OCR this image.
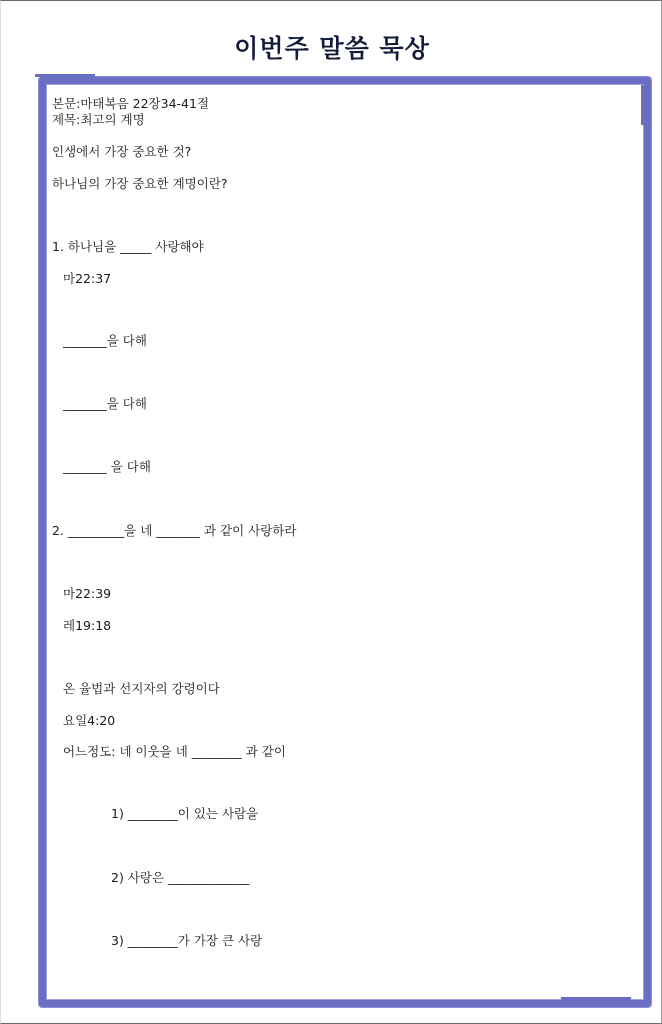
이번주 말씀 묵상
본문:마태복음 22장34-41절
제목:최고의 계명
인생에서 가장 중요한 것?
하나님의 가장 중요한 계명이란?
1. 하나님을 _____ 사랑해야
마22:37
_______을 다해
_______을 다해
_______ 을 다해
2. _________을 네 _______ 과 같이 사랑하라
마22:39
레19:18
온 율법과 선지자의 강령이다
요일4:20
어느정도: 네 이웃을 네 ________ 과 같이
1) ________이 있는 사람을
2) 사랑은 _____________
3) ________가 가장 큰 사랑
